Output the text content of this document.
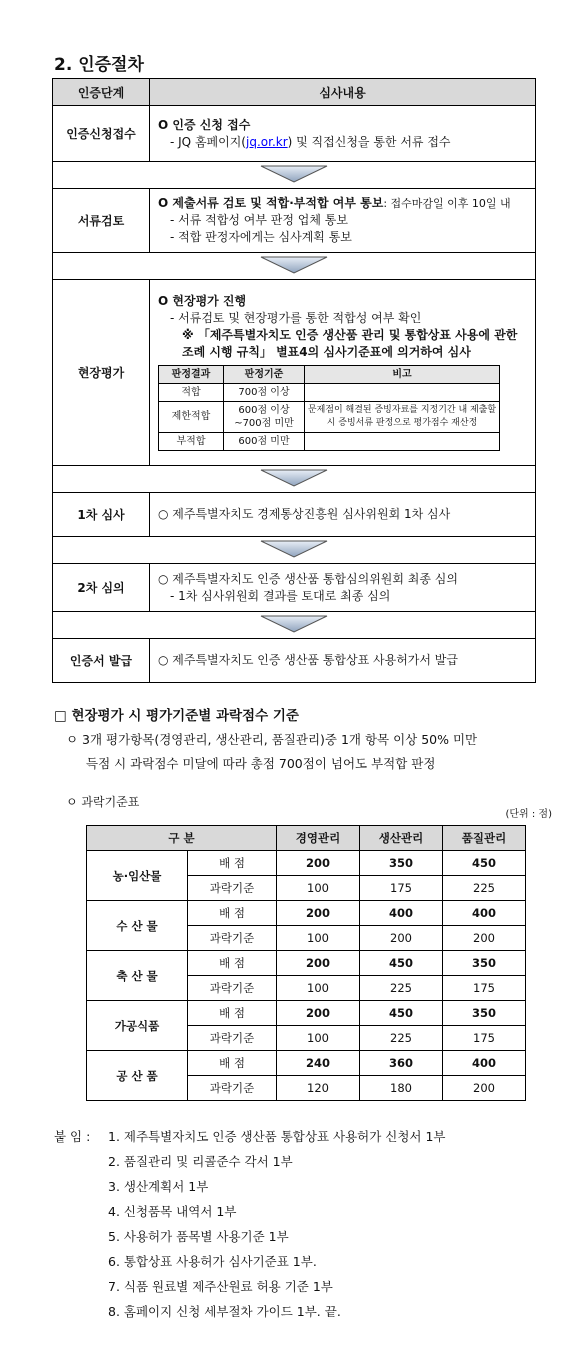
2. 인증절차
인증단계	심사내용
인증신청접수	
O 인증 신청 접수
- JQ 홈페이지(jq.or.kr) 및 직접신청을 통한 서류 접수

서류검토	
O 제출서류 검토 및 적합·부적합 여부 통보: 접수마감일 이후 10일 내
- 서류 적합성 여부 판정 업체 통보
- 적합 판정자에게는 심사계획 통보

현장평가	
O 현장평가 진행
- 서류검토 및 현장평가를 통한 적합성 여부 확인
※ 「제주특별자치도 인증 생산품 관리 및 통합상표 사용에 관한 조례 시행 규칙」 별표4의 심사기준표에 의거하여 심사
판정결과	판정기준	비고
적합	700점 이상	
제한적합	600점 이상 ~700점 미만	문제점이 해결된 증빙자료를 지정기간 내 제출할시 증빙서류 판정으로 평가점수 재산정
부적합	600점 미만	

1차 심사	○ 제주특별자치도 경제통상진흥원 심사위원회 1차 심사

2차 심의	
○ 제주특별자치도 인증 생산품 통합심의위원회 최종 심의
- 1차 심사위원회 결과를 토대로 최종 심의

인증서 발급	○ 제주특별자치도 인증 생산품 통합상표 사용허가서 발급
□ 현장평가 시 평가기준별 과락점수 기준
ㅇ 3개 평가항목(경영관리, 생산관리, 품질관리)중 1개 항목 이상 50% 미만
득점 시 과락점수 미달에 따라 총점 700점이 넘어도 부적합 판정
ㅇ 과락기준표
(단위 : 점)
구 분		경영관리	생산관리	품질관리
농·임산물	배 점	200	350	450
	과락기준	100	175	225
수 산 물	배 점	200	400	400
	과락기준	100	200	200
축 산 물	배 점	200	450	350
	과락기준	100	225	175
가공식품	배 점	200	450	350
	과락기준	100	225	175
공 산 품	배 점	240	360	400
	과락기준	120	180	200
붙 임 : 1. 제주특별자치도 인증 생산품 통합상표 사용허가 신청서 1부
2. 품질관리 및 리콜준수 각서 1부
3. 생산계획서 1부
4. 신청품목 내역서 1부
5. 사용허가 품목별 사용기준 1부
6. 통합상표 사용허가 심사기준표 1부.
7. 식품 원료별 제주산원료 허용 기준 1부
8. 홈페이지 신청 세부절차 가이드 1부. 끝.
